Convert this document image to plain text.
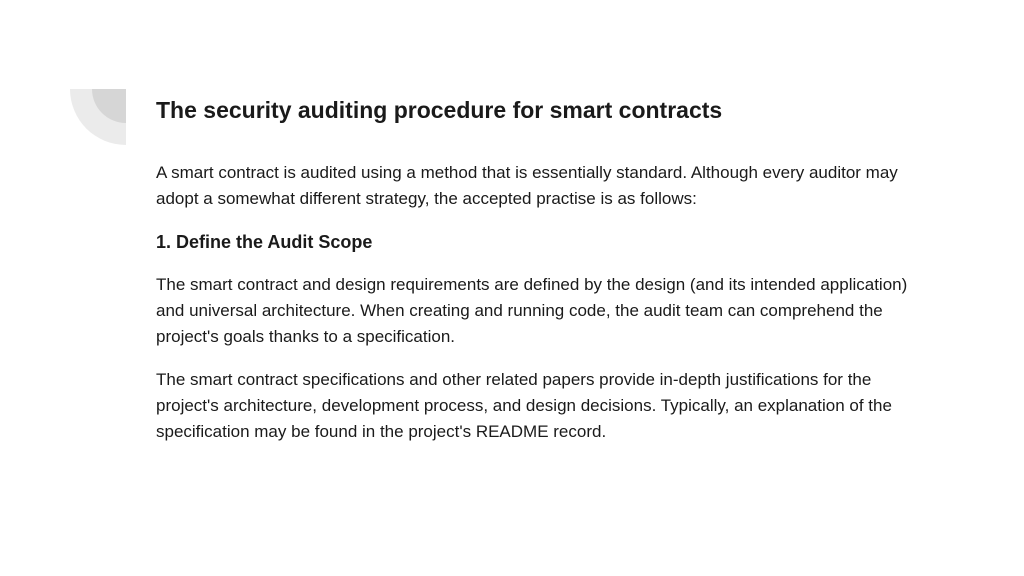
The security auditing procedure for smart contracts

A smart contract is audited using a method that is essentially standard. Although every auditor may adopt a somewhat different strategy, the accepted practise is as follows:

1. Define the Audit Scope

The smart contract and design requirements are defined by the design (and its intended application) and universal architecture. When creating and running code, the audit team can comprehend the project's goals thanks to a specification.

The smart contract specifications and other related papers provide in-depth justifications for the project's architecture, development process, and design decisions. Typically, an explanation of the specification may be found in the project's README record.
